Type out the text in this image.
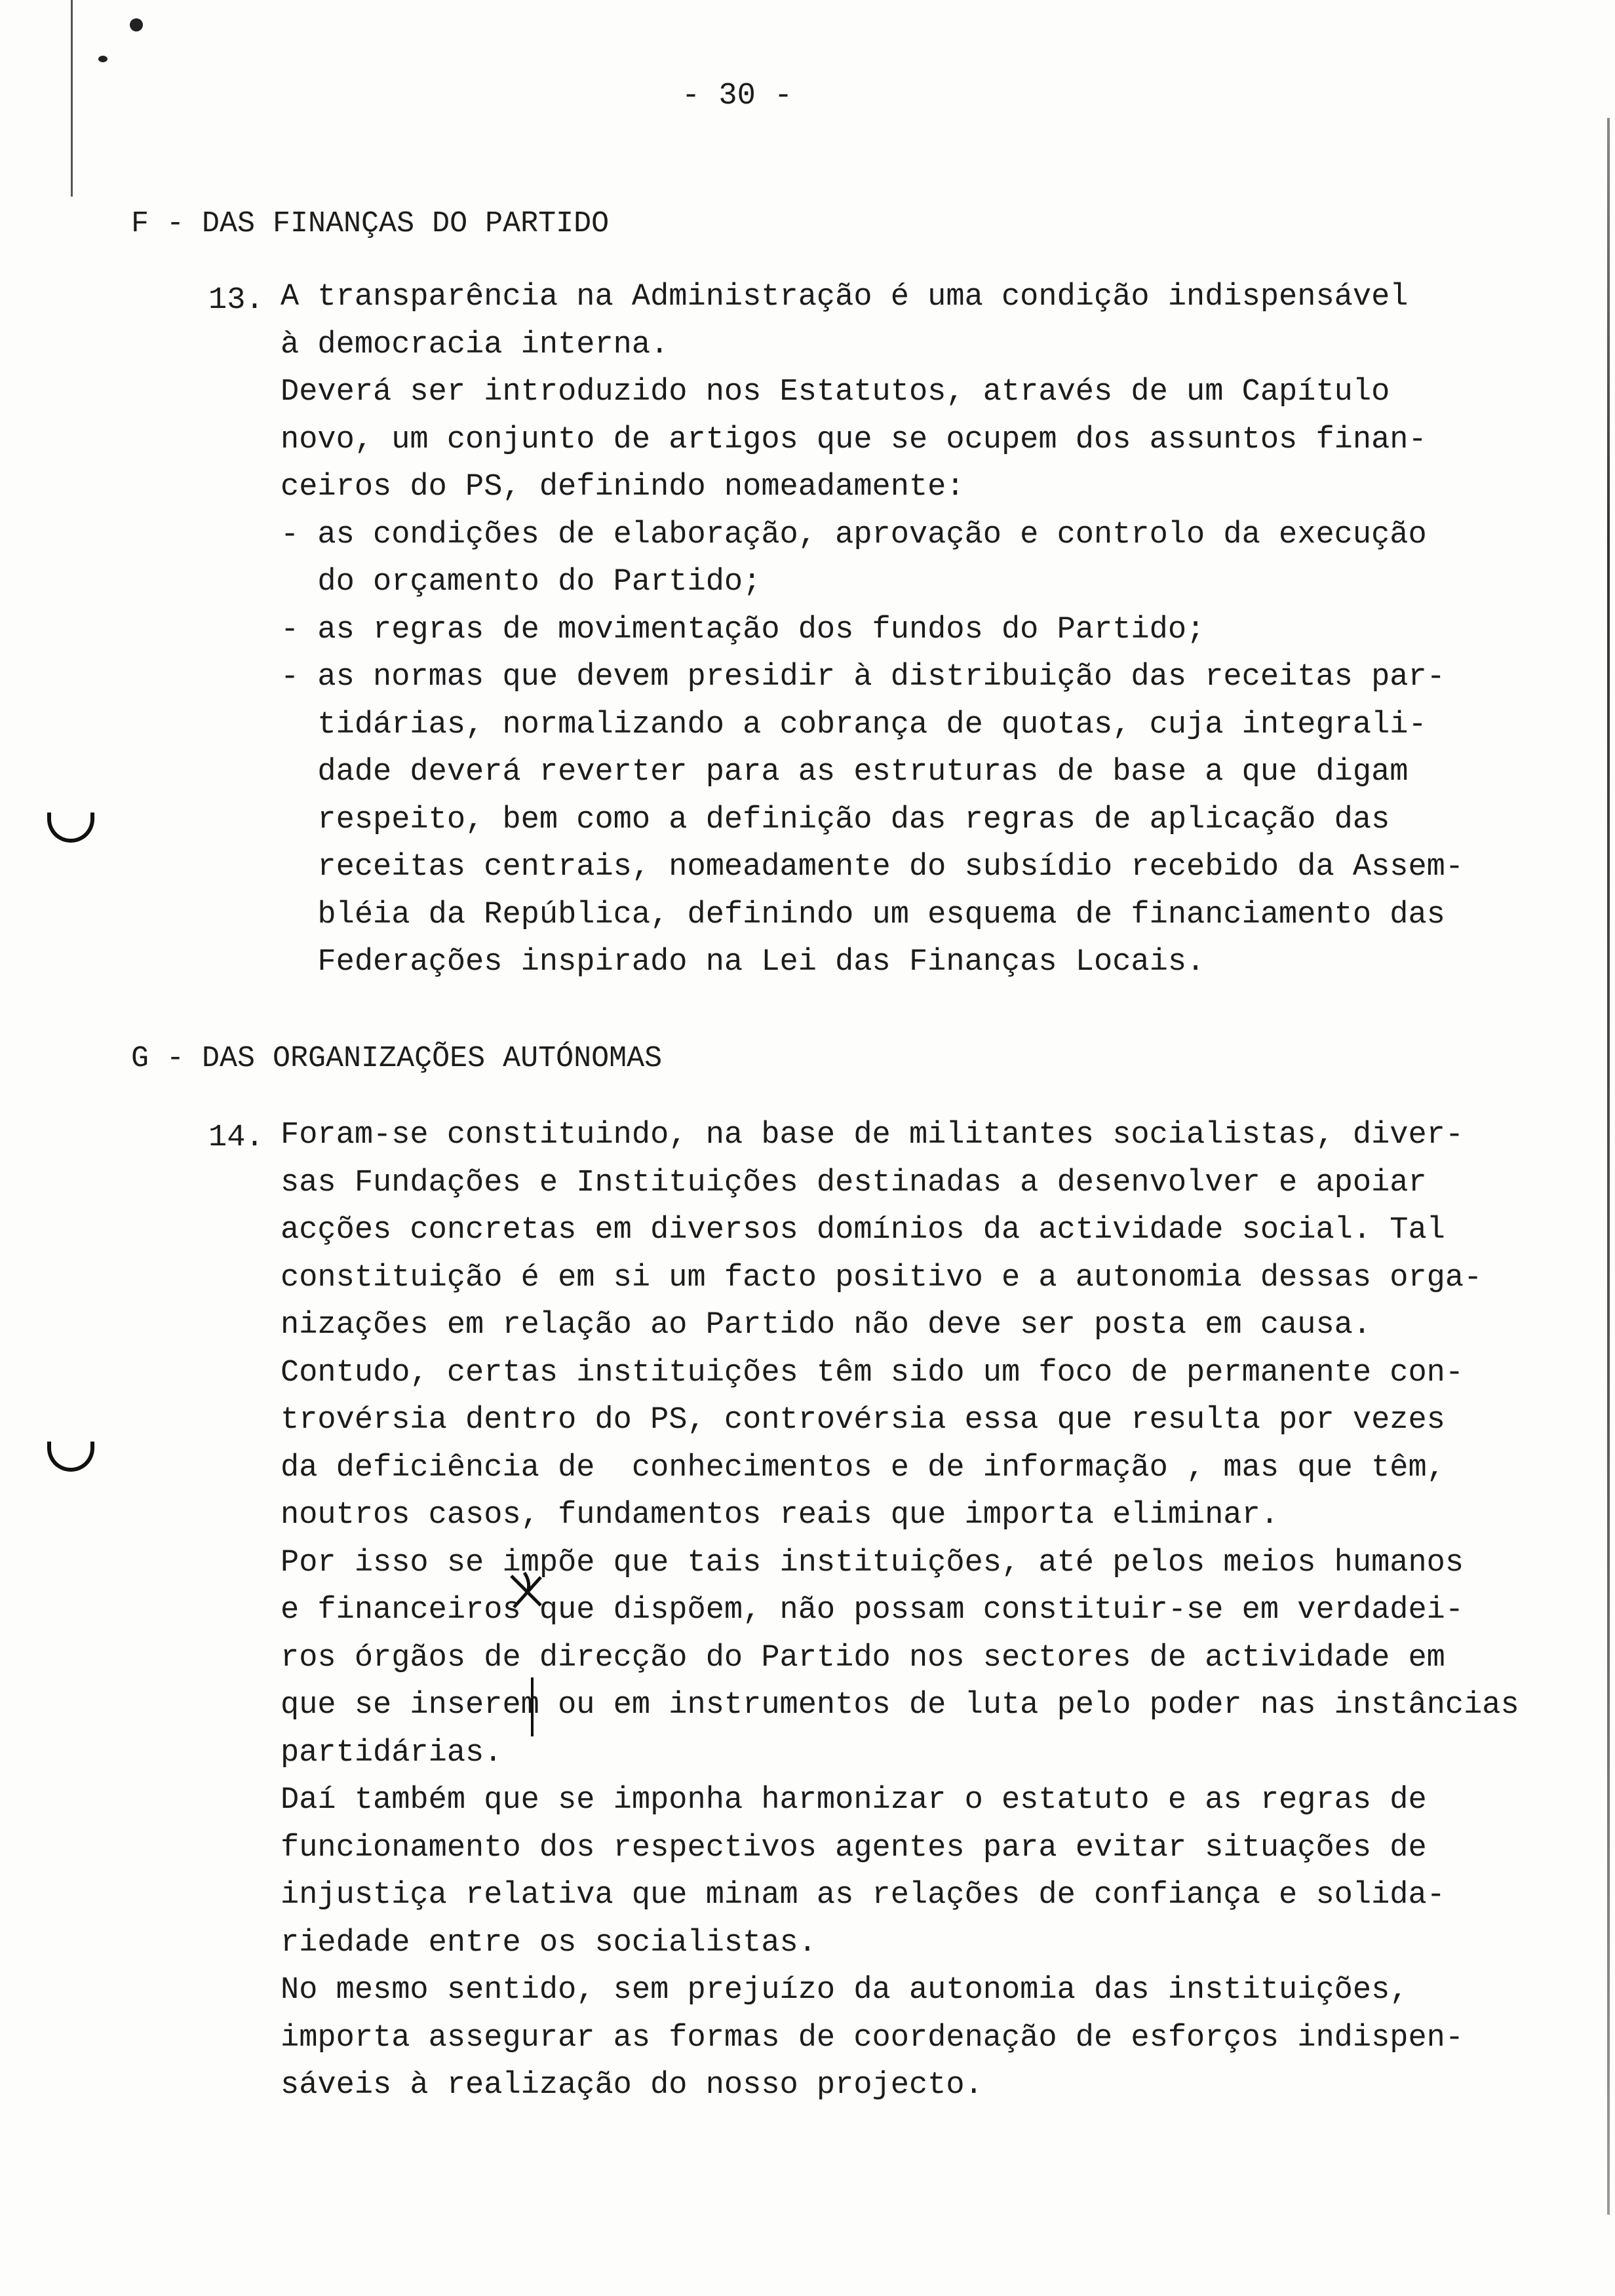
- 30 -
F - DAS FINANÇAS DO PARTIDO
13. A transparência na Administração é uma condição indispensável
à democracia interna.
Deverá ser introduzido nos Estatutos, através de um Capítulo
novo, um conjunto de artigos que se ocupem dos assuntos finan-
ceiros do PS, definindo nomeadamente:
- as condições de elaboração, aprovação e controlo da execução
do orçamento do Partido;
- as regras de movimentação dos fundos do Partido;
- as normas que devem presidir à distribuição das receitas par-
tidárias, normalizando a cobrança de quotas, cuja integrali-
dade deverá reverter para as estruturas de base a que digam
respeito, bem como a definição das regras de aplicação das
receitas centrais, nomeadamente do subsídio recebido da Assem-
bléia da República, definindo um esquema de financiamento das
Federações inspirado na Lei das Finanças Locais.
G - DAS ORGANIZAÇÕES AUTÓNOMAS
14. Foram-se constituindo, na base de militantes socialistas, diver-
sas Fundações e Instituições destinadas a desenvolver e apoiar
acções concretas em diversos domínios da actividade social. Tal
constituição é em si um facto positivo e a autonomia dessas orga-
nizações em relação ao Partido não deve ser posta em causa.
Contudo, certas instituições têm sido um foco de permanente con-
trovérsia dentro do PS, controvérsia essa que resulta por vezes
da deficiência de  conhecimentos e de informação , mas que têm,
noutros casos, fundamentos reais que importa eliminar.
Por isso se impõe que tais instituições, até pelos meios humanos
e financeiros que dispõem, não possam constituir-se em verdadei-
ros órgãos de direcção do Partido nos sectores de actividade em
que se inserem ou em instrumentos de luta pelo poder nas instâncias
partidárias.
Daí também que se imponha harmonizar o estatuto e as regras de
funcionamento dos respectivos agentes para evitar situações de
injustiça relativa que minam as relações de confiança e solida-
riedade entre os socialistas.
No mesmo sentido, sem prejuízo da autonomia das instituições,
importa assegurar as formas de coordenação de esforços indispen-
sáveis à realização do nosso projecto.
